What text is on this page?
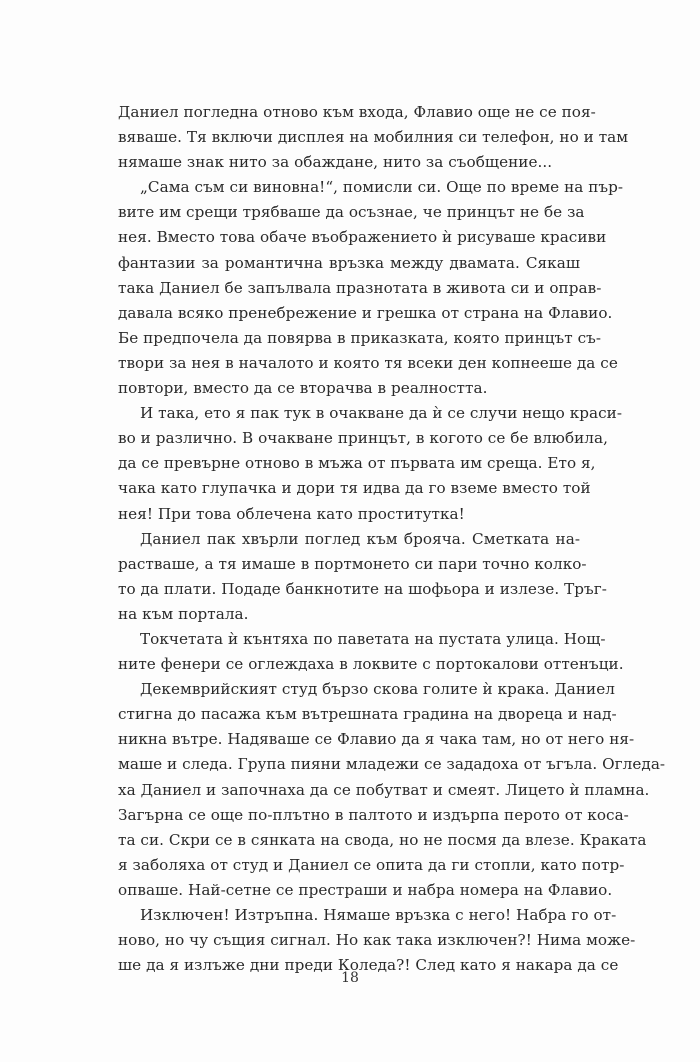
Даниел погледна отново към входа, Флавио още не се поя-
вяваше. Тя включи дисплея на мобилния си телефон, но и там
нямаше знак нито за обаждане, нито за съобщение...
„Сама съм си виновна!“, помисли си. Още по време на пър-
вите им срещи трябваше да осъзнае, че принцът не бе за
нея. Вместо това обаче въображението ѝ рисуваше красиви
фантазии за романтична връзка между двамата. Сякаш
така Даниел бе запълвала празнотата в живота си и оправ-
давала всяко пренебрежение и грешка от страна на Флавио.
Бе предпочела да повярва в приказката, която принцът съ-
твори за нея в началото и която тя всеки ден копнееше да се
повтори, вместо да се вторачва в реалността.
И така, ето я пак тук в очакване да ѝ се случи нещо краси-
во и различно. В очакване принцът, в когото се бе влюбила,
да се превърне отново в мъжа от първата им среща. Ето я,
чака като глупачка и дори тя идва да го вземе вместо той
нея! При това облечена като проститутка!
Даниел пак хвърли поглед към брояча. Сметката на-
растваше, а тя имаше в портмонето си пари точно колко-
то да плати. Подаде банкнотите на шофьора и излезе. Тръг-
на към портала.
Токчетата ѝ кънтяха по паветата на пустата улица. Нощ-
ните фенери се оглеждаха в локвите с портокалови оттенъци.
Декемврийският студ бързо скова голите ѝ крака. Даниел
стигна до пасажа към вътрешната градина на двореца и над-
никна вътре. Надяваше се Флавио да я чака там, но от него ня-
маше и следа. Група пияни младежи се зададоха от ъгъла. Огледа-
ха Даниел и започнаха да се побутват и смеят. Лицето ѝ пламна.
Загърна се още по-плътно в палтото и издърпа перото от коса-
та си. Скри се в сянката на свода, но не посмя да влезе. Краката
я заболяха от студ и Даниел се опита да ги стопли, като потр-
опваше. Най-сетне се престраши и набра номера на Флавио.
Изключен! Изтръпна. Нямаше връзка с него! Набра го от-
ново, но чу същия сигнал. Но как така изключен?! Нима може-
ше да я излъже дни преди Коледа?! След като я накара да се
18
